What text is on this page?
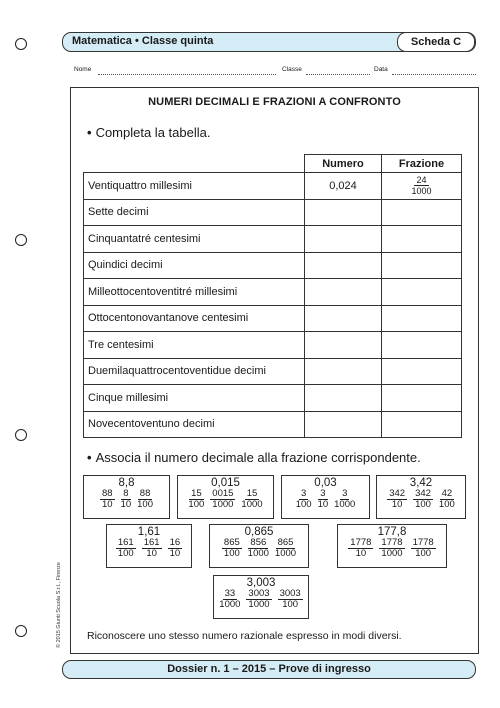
Matematica • Classe quinta	Scheda C
Nome	Classe	Data
NUMERI DECIMALI E FRAZIONI A CONFRONTO
• Completa la tabella.
	Numero	Frazione
Ventiquattro millesimi	0,024	$\frac{24}{1000}$

Sette decimi		
Cinquantatré centesimi		
Quindici decimi		
Milleottocentoventitré millesimi		
Ottocentonovantanove centesimi		
Tre centesimi		
Duemilaquattrocentoventidue decimi		
Cinque millesimi		
Novecentoventuno decimi		
• Associa il numero decimale alla frazione corrispondente.
8,8
$\frac{88}{10} \frac{8}{10} \frac{88}{100}$
0,015
$\frac{15}{100} \frac{0015}{1000} \frac{15}{1000}$
0,03
$\frac{3}{100} \frac{3}{10} \frac{3}{1000}$
3,42
$\frac{342}{10} \frac{342}{100} \frac{42}{100}$
1,61
$\frac{161}{100} \frac{161}{10} \frac{16}{10}$
0,865
$\frac{865}{100} \frac{856}{1000} \frac{865}{1000}$
177,8
$\frac{1778}{10} \frac{1778}{1000} \frac{1778}{100}$
3,003
$\frac{33}{1000} \frac{3003}{1000} \frac{3003}{100}$
Riconoscere uno stesso numero razionale espresso in modi diversi.
© 2015 Giunti Scuola S.r.l., Firenze
Dossier n. 1 – 2015 – Prove di ingresso
